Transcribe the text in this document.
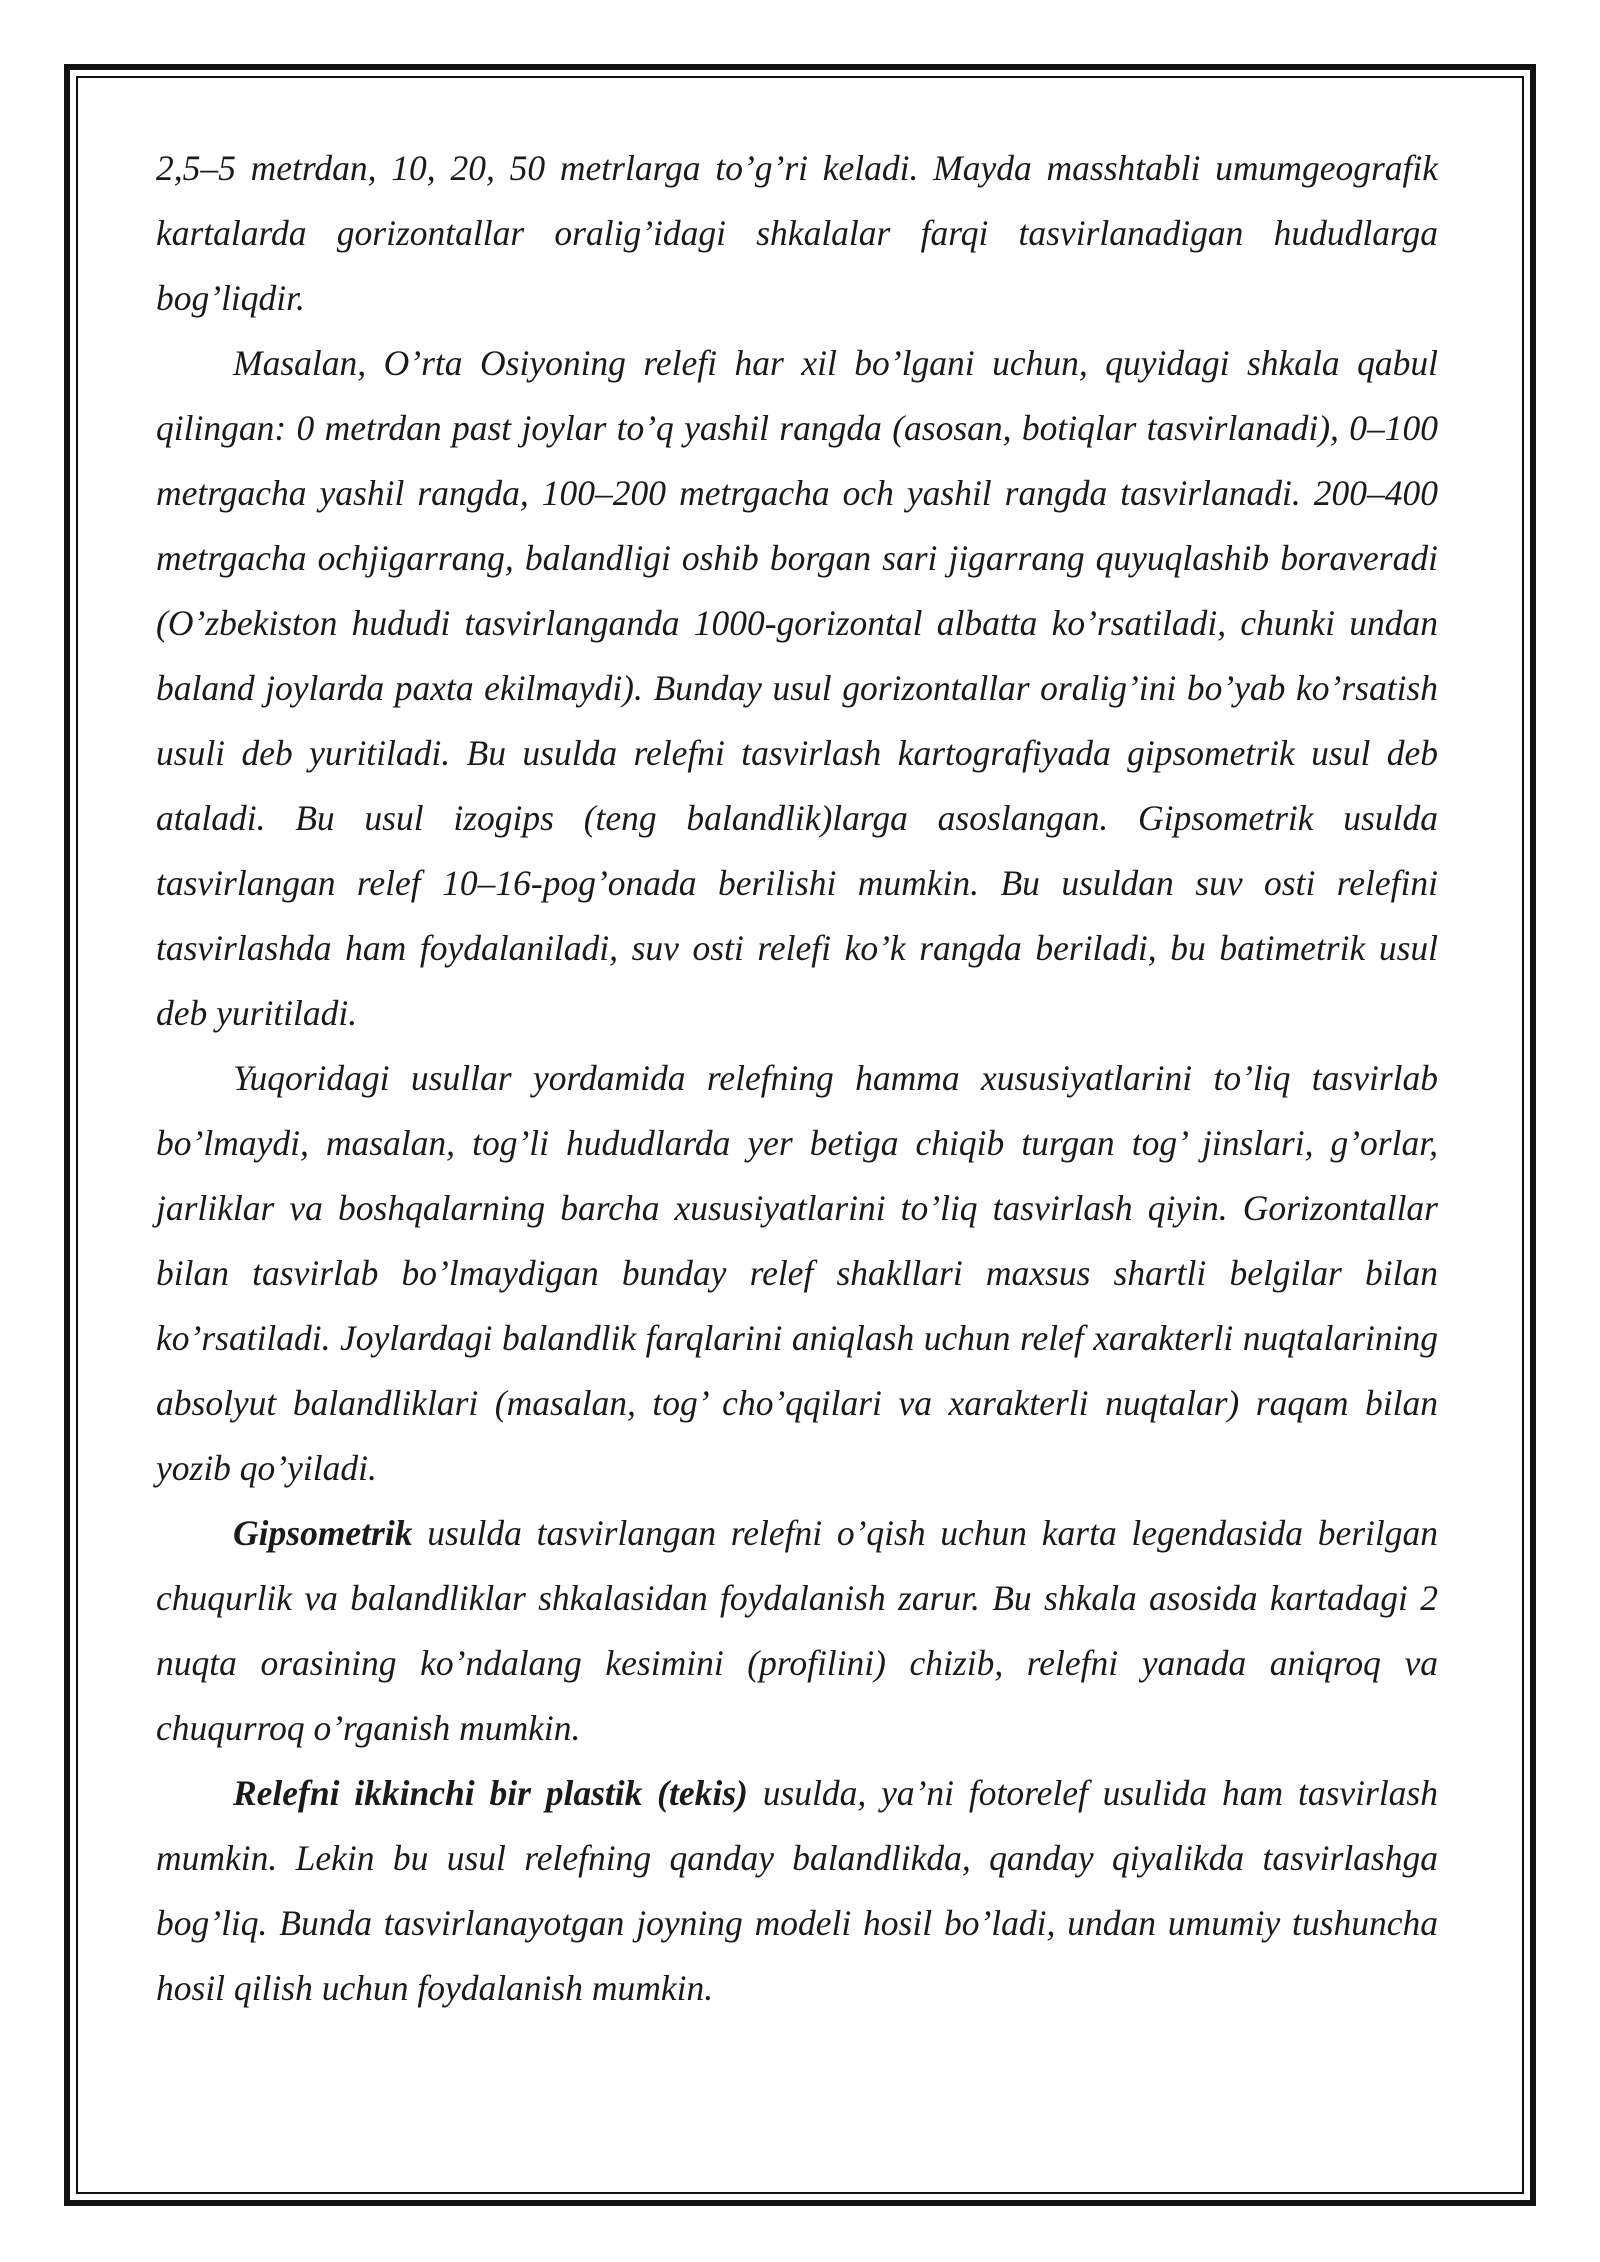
2,5–5 metrdan, 10, 20, 50 metrlarga to’g’ri keladi. Mayda masshtabli umumgeografik kartalarda gorizontallar oralig’idagi shkalalar farqi tasvirlanadigan hududlarga bog’liqdir.

Masalan, O’rta Osiyoning relefi har xil bo’lgani uchun, quyidagi shkala qabul qilingan: 0 metrdan past joylar to’q yashil rangda (asosan, botiqlar tasvirlanadi), 0–100 metrgacha yashil rangda, 100–200 metrgacha och yashil rangda tasvirlanadi. 200–400 metrgacha ochjigarrang, balandligi oshib borgan sari jigarrang quyuqlashib boraveradi (O’zbekiston hududi tasvirlanganda 1000-gorizontal albatta ko’rsatiladi, chunki undan baland joylarda paxta ekilmaydi). Bunday usul gorizontallar oralig’ini bo’yab ko’rsatish usuli deb yuritiladi. Bu usulda relefni tasvirlash kartografiyada gipsometrik usul deb ataladi. Bu usul izogips (teng balandlik)larga asoslangan. Gipsometrik usulda tasvirlangan relef 10–16-pog’onada berilishi mumkin. Bu usuldan suv osti relefini tasvirlashda ham foydalaniladi, suv osti relefi ko’k rangda beriladi, bu batimetrik usul deb yuritiladi.

Yuqoridagi usullar yordamida relefning hamma xususiyatlarini to’liq tasvirlab bo’lmaydi, masalan, tog’li hududlarda yer betiga chiqib turgan tog’ jinslari, g’orlar, jarliklar va boshqalarning barcha xususiyatlarini to’liq tasvirlash qiyin. Gorizontallar bilan tasvirlab bo’lmaydigan bunday relef shakllari maxsus shartli belgilar bilan ko’rsatiladi. Joylardagi balandlik farqlarini aniqlash uchun relef xarakterli nuqtalarining absolyut balandliklari (masalan, tog’ cho’qqilari va xarakterli nuqtalar) raqam bilan yozib qo’yiladi.

Gipsometrik usulda tasvirlangan relefni o’qish uchun karta legendasida berilgan chuqurlik va balandliklar shkalasidan foydalanish zarur. Bu shkala asosida kartadagi 2 nuqta orasining ko’ndalang kesimini (profilini) chizib, relefni yanada aniqroq va chuqurroq o’rganish mumkin.

Relefni ikkinchi bir plastik (tekis) usulda, ya’ni fotorelef usulida ham tasvirlash mumkin. Lekin bu usul relefning qanday balandlikda, qanday qiyalikda tasvirlashga bog’liq. Bunda tasvirlanayotgan joyning modeli hosil bo’ladi, undan umumiy tushuncha hosil qilish uchun foydalanish mumkin.
